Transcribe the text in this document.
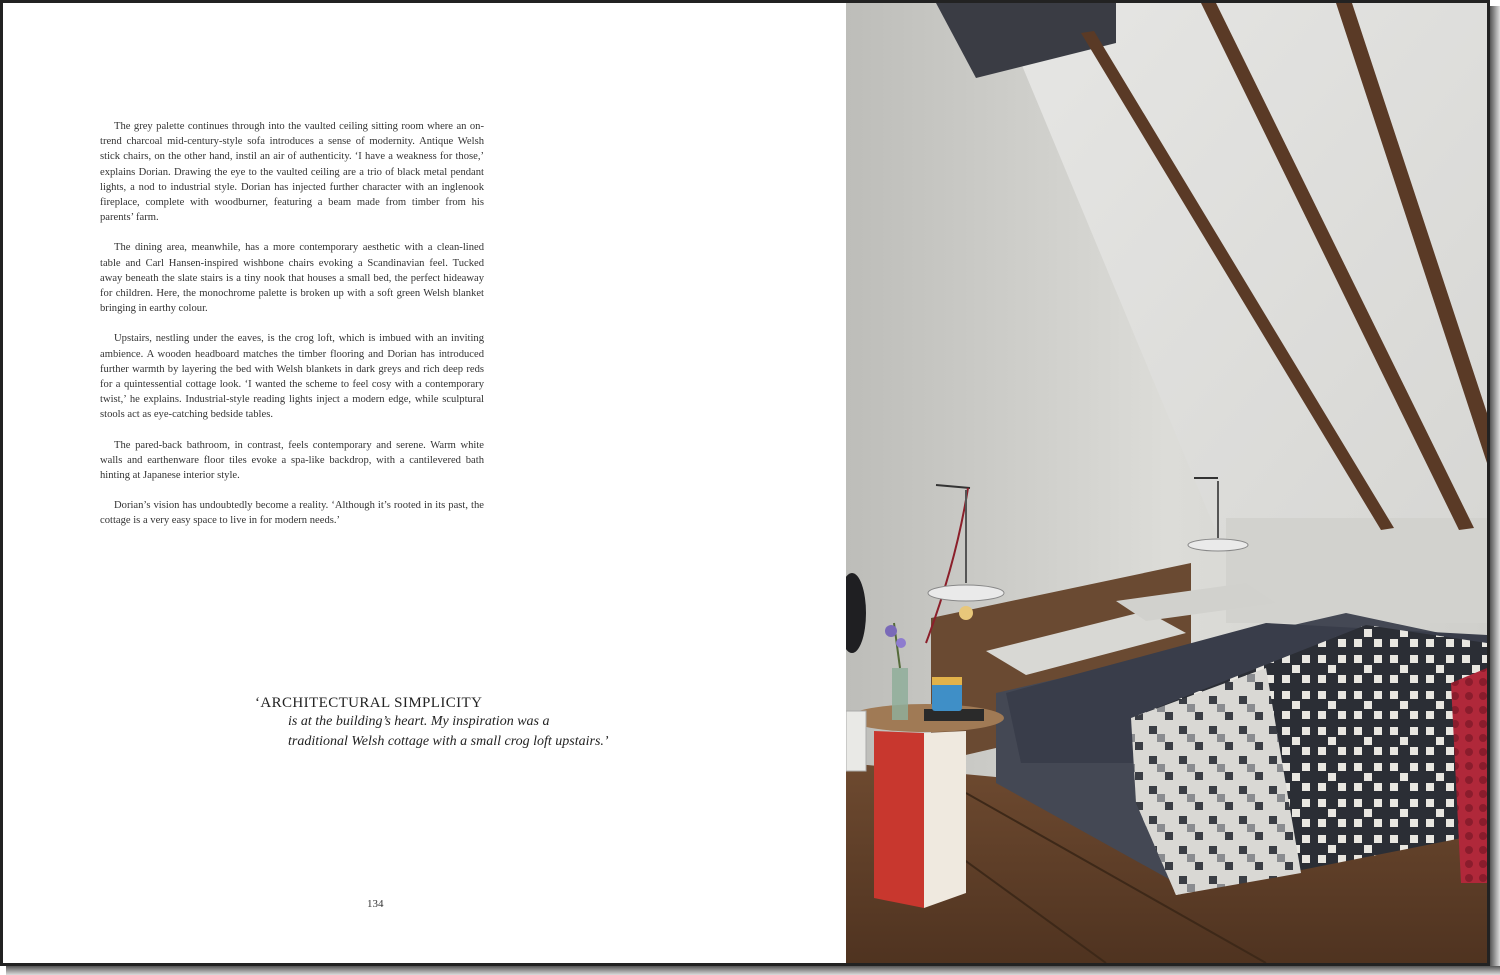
The grey palette continues through into the vaulted ceiling sitting room where an on-trend charcoal mid-century-style sofa introduces a sense of modernity. Antique Welsh stick chairs, on the other hand, instil an air of authenticity. ‘I have a weakness for those,’ explains Dorian. Drawing the eye to the vaulted ceiling are a trio of black metal pendant lights, a nod to industrial style. Dorian has injected further character with an inglenook fireplace, complete with woodburner, featuring a beam made from timber from his parents’ farm.

The dining area, meanwhile, has a more contemporary aesthetic with a clean-lined table and Carl Hansen-inspired wishbone chairs evoking a Scandinavian feel. Tucked away beneath the slate stairs is a tiny nook that houses a small bed, the perfect hideaway for children. Here, the monochrome palette is broken up with a soft green Welsh blanket bringing in earthy colour.

Upstairs, nestling under the eaves, is the crog loft, which is imbued with an inviting ambience. A wooden headboard matches the timber flooring and Dorian has introduced further warmth by layering the bed with Welsh blankets in dark greys and rich deep reds for a quintessential cottage look. ‘I wanted the scheme to feel cosy with a contemporary twist,’ he explains. Industrial-style reading lights inject a modern edge, while sculptural stools act as eye-catching bedside tables.

The pared-back bathroom, in contrast, feels contemporary and serene. Warm white walls and earthenware floor tiles evoke a spa-like backdrop, with a cantilevered bath hinting at Japanese interior style.

Dorian’s vision has undoubtedly become a reality. ‘Although it’s rooted in its past, the cottage is a very easy space to live in for modern needs.’

‘ARCHITECTURAL SIMPLICITY
is at the building’s heart. My inspiration was a
traditional Welsh cottage with a small crog loft upstairs.’
134
